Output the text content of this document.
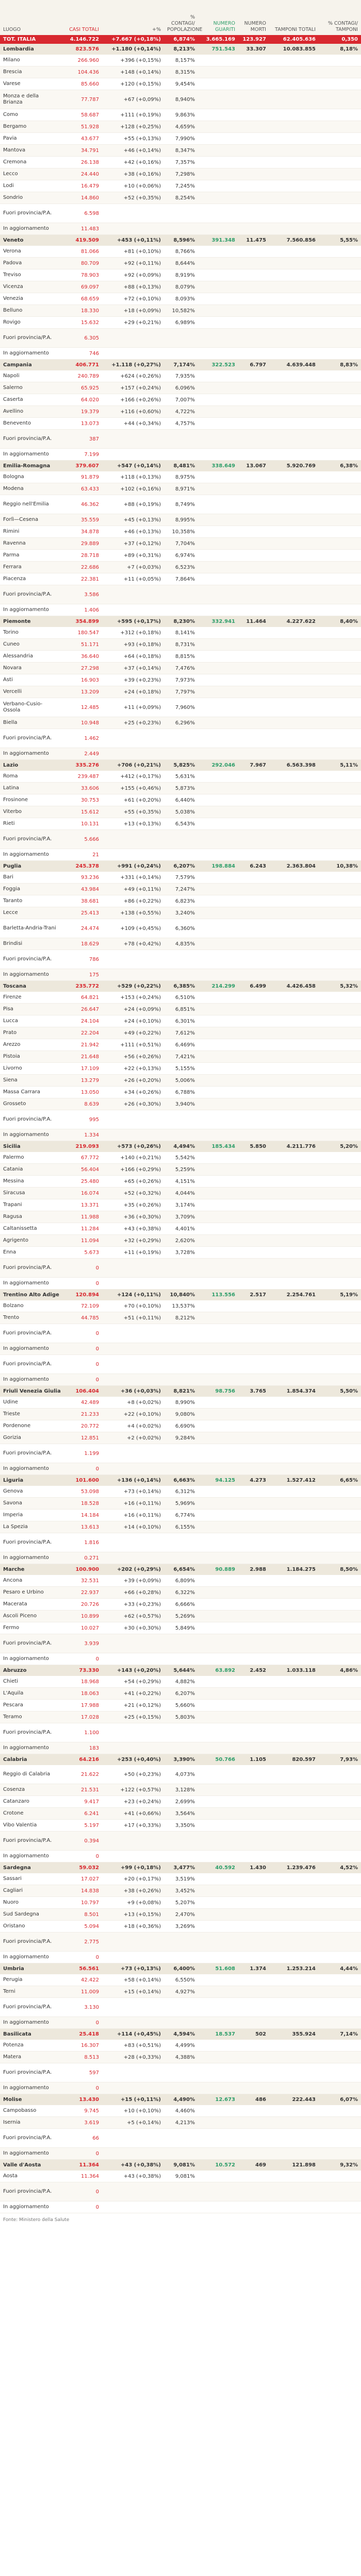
LUOGO	CASI TOTALI	+%	% CONTAGI/ POPOLAZIONE	NUMERO GUARITI	NUMERO MORTI	TAMPONI TOTALI	% CONTAGI/ TAMPONI
TOT. ITALIA	4.146.722	+7.667 (+0,18%)	6,874%	3.665.169	123.927	62.405.636	0,350
Lombardia	823.576	+1.180 (+0,14%)	8,213%	751.543	33.307	10.083.855	8,18%
Milano	266.960	+396 (+0,15%)	8,157%				
Brescia	104.436	+148 (+0,14%)	8,315%				
Varese	85.660	+120 (+0,15%)	9,454%				
Monza e della Brianza	77.787	+67 (+0,09%)	8,940%				
Como	58.687	+111 (+0,19%)	9,863%				
Bergamo	51.928	+128 (+0,25%)	4,659%				
Pavia	43.677	+55 (+0,13%)	7,990%				
Mantova	34.791	+46 (+0,14%)	8,347%				
Cremona	26.138	+42 (+0,16%)	7,357%				
Lecco	24.440	+38 (+0,16%)	7,298%				
Lodi	16.479	+10 (+0,06%)	7,245%				
Sondrio	14.860	+52 (+0,35%)	8,254%				
Fuori provincia/P.A.	6.598						
In aggiornamento	11.483						
Veneto	419.509	+453 (+0,11%)	8,596%	391.348	11.475	7.560.856	5,55%
Verona	81.066	+81 (+0,10%)	8,766%				
Padova	80.709	+92 (+0,11%)	8,644%				
Treviso	78.903	+92 (+0,09%)	8,919%				
Vicenza	69.097	+88 (+0,13%)	8,079%				
Venezia	68.659	+72 (+0,10%)	8,093%				
Belluno	18.330	+18 (+0,09%)	10,582%				
Rovigo	15.632	+29 (+0,21%)	6,989%				
Fuori provincia/P.A.	6.305						
In aggiornamento	746						
Campania	406.771	+1.118 (+0,27%)	7,174%	322.523	6.797	4.639.448	8,83%
Napoli	240.789	+624 (+0,26%)	7,935%				
Salerno	65.925	+157 (+0,24%)	6,096%				
Caserta	64.020	+166 (+0,26%)	7,007%				
Avellino	19.379	+116 (+0,60%)	4,722%				
Benevento	13.073	+44 (+0,34%)	4,757%				
Fuori provincia/P.A.	387						
In aggiornamento	7.199						
Emilia-Romagna	379.607	+547 (+0,14%)	8,481%	338.649	13.067	5.920.769	6,38%
Bologna	91.879	+118 (+0,13%)	8,975%				
Modena	63.433	+102 (+0,16%)	8,971%				
Reggio nell'Emilia	46.362	+88 (+0,19%)	8,749%				
Forlì—Cesena	35.559	+45 (+0,13%)	8,995%				
Rimini	34.878	+46 (+0,13%)	10,358%				
Ravenna	29.889	+37 (+0,12%)	7,704%				
Parma	28.718	+89 (+0,31%)	6,974%				
Ferrara	22.686	+7 (+0,03%)	6,523%				
Piacenza	22.381	+11 (+0,05%)	7,864%				
Fuori provincia/P.A.	3.586						
In aggiornamento	1.406						
Piemonte	354.899	+595 (+0,17%)	8,230%	332.941	11.464	4.227.622	8,40%
Torino	180.547	+312 (+0,18%)	8,141%				
Cuneo	51.171	+93 (+0,18%)	8,731%				
Alessandria	36.640	+64 (+0,18%)	8,815%				
Novara	27.298	+37 (+0,14%)	7,476%				
Asti	16.903	+39 (+0,23%)	7,973%				
Vercelli	13.209	+24 (+0,18%)	7,797%				
Verbano-Cusio-Ossola	12.485	+11 (+0,09%)	7,960%				
Biella	10.948	+25 (+0,23%)	6,296%				
Fuori provincia/P.A.	1.462						
In aggiornamento	2.449						
Lazio	335.276	+706 (+0,21%)	5,825%	292.046	7.967	6.563.398	5,11%
Roma	239.487	+412 (+0,17%)	5,631%				
Latina	33.606	+155 (+0,46%)	5,873%				
Frosinone	30.753	+61 (+0,20%)	6,440%				
Viterbo	15.612	+55 (+0,35%)	5,038%				
Rieti	10.131	+13 (+0,13%)	6,543%				
Fuori provincia/P.A.	5.666						
In aggiornamento	21						
Puglia	245.378	+991 (+0,24%)	6,207%	198.884	6.243	2.363.804	10,38%
Bari	93.236	+331 (+0,14%)	7,579%				
Foggia	43.984	+49 (+0,11%)	7,247%				
Taranto	38.681	+86 (+0,22%)	6,823%				
Lecce	25.413	+138 (+0,55%)	3,240%				
Barletta-Andria-Trani	24.474	+109 (+0,45%)	6,360%				
Brindisi	18.629	+78 (+0,42%)	4,835%				
Fuori provincia/P.A.	786						
In aggiornamento	175						
Toscana	235.772	+529 (+0,22%)	6,385%	214.299	6.499	4.426.458	5,32%
Firenze	64.821	+153 (+0,24%)	6,510%				
Pisa	26.647	+24 (+0,09%)	6,851%				
Lucca	24.104	+24 (+0,10%)	6,301%				
Prato	22.204	+49 (+0,22%)	7,612%				
Arezzo	21.942	+111 (+0,51%)	6,469%				
Pistoia	21.648	+56 (+0,26%)	7,421%				
Livorno	17.109	+22 (+0,13%)	5,155%				
Siena	13.279	+26 (+0,20%)	5,006%				
Massa Carrara	13.050	+34 (+0,26%)	6,788%				
Grosseto	8.639	+26 (+0,30%)	3,940%				
Fuori provincia/P.A.	995						
In aggiornamento	1.334						
Sicilia	219.093	+573 (+0,26%)	4,494%	185.434	5.850	4.211.776	5,20%
Palermo	67.772	+140 (+0,21%)	5,542%				
Catania	56.404	+166 (+0,29%)	5,259%				
Messina	25.480	+65 (+0,26%)	4,151%				
Siracusa	16.074	+52 (+0,32%)	4,044%				
Trapani	13.371	+35 (+0,26%)	3,174%				
Ragusa	11.988	+36 (+0,30%)	3,709%				
Caltanissetta	11.284	+43 (+0,38%)	4,401%				
Agrigento	11.094	+32 (+0,29%)	2,620%				
Enna	5.673	+11 (+0,19%)	3,728%				
Fuori provincia/P.A.	0						
In aggiornamento	0						
Trentino Alto Adige	120.894	+124 (+0,11%)	10,840%	113.556	2.517	2.254.761	5,19%
Bolzano	72.109	+70 (+0,10%)	13,537%				
Trento	44.785	+51 (+0,11%)	8,212%				
Fuori provincia/P.A.	0						
In aggiornamento	0						
Fuori provincia/P.A.	0						
In aggiornamento	0						
Friuli Venezia Giulia	106.404	+36 (+0,03%)	8,821%	98.756	3.765	1.854.374	5,50%
Udine	42.489	+8 (+0,02%)	8,990%				
Trieste	21.233	+22 (+0,10%)	9,080%				
Pordenone	20.772	+4 (+0,02%)	6,690%				
Gorizia	12.851	+2 (+0,02%)	9,284%				
Fuori provincia/P.A.	1.199						
In aggiornamento	0						
Liguria	101.600	+136 (+0,14%)	6,663%	94.125	4.273	1.527.412	6,65%
Genova	53.098	+73 (+0,14%)	6,312%				
Savona	18.528	+16 (+0,11%)	5,969%				
Imperia	14.184	+16 (+0,11%)	6,774%				
La Spezia	13.613	+14 (+0,10%)	6,155%				
Fuori provincia/P.A.	1.816						
In aggiornamento	0.271						
Marche	100.900	+202 (+0,29%)	6,654%	90.889	2.988	1.184.275	8,50%
Ancona	32.531	+39 (+0,09%)	6,809%				
Pesaro e Urbino	22.937	+66 (+0,28%)	6,322%				
Macerata	20.726	+33 (+0,23%)	6,666%				
Ascoli Piceno	10.899	+62 (+0,57%)	5,269%				
Fermo	10.027	+30 (+0,30%)	5,849%				
Fuori provincia/P.A.	3.939						
In aggiornamento	0						
Abruzzo	73.330	+143 (+0,20%)	5,644%	63.892	2.452	1.033.118	4,86%
Chieti	18.968	+54 (+0,29%)	4,882%				
L'Aquila	18.063	+41 (+0,22%)	6,207%				
Pescara	17.988	+21 (+0,12%)	5,660%				
Teramo	17.028	+25 (+0,15%)	5,803%				
Fuori provincia/P.A.	1.100						
In aggiornamento	183						
Calabria	64.216	+253 (+0,40%)	3,390%	50.766	1.105	820.597	7,93%
Reggio di Calabria	21.622	+50 (+0,23%)	4,073%				
Cosenza	21.531	+122 (+0,57%)	3,128%				
Catanzaro	9.417	+23 (+0,24%)	2,699%				
Crotone	6.241	+41 (+0,66%)	3,564%				
Vibo Valentia	5.197	+17 (+0,33%)	3,350%				
Fuori provincia/P.A.	0.394						
In aggiornamento	0						
Sardegna	59.032	+99 (+0,18%)	3,477%	40.592	1.430	1.239.476	4,52%
Sassari	17.027	+20 (+0,17%)	3,519%				
Cagliari	14.838	+38 (+0,26%)	3,452%				
Nuoro	10.797	+9 (+0,08%)	5,207%				
Sud Sardegna	8.501	+13 (+0,15%)	2,470%				
Oristano	5.094	+18 (+0,36%)	3,269%				
Fuori provincia/P.A.	2.775						
In aggiornamento	0						
Umbria	56.561	+73 (+0,13%)	6,400%	51.608	1.374	1.253.214	4,44%
Perugia	42.422	+58 (+0,14%)	6,550%				
Terni	11.009	+15 (+0,14%)	4,927%				
Fuori provincia/P.A.	3.130						
In aggiornamento	0						
Basilicata	25.418	+114 (+0,45%)	4,594%	18.537	502	355.924	7,14%
Potenza	16.307	+83 (+0,51%)	4,499%				
Matera	8.513	+28 (+0,33%)	4,388%				
Fuori provincia/P.A.	597						
In aggiornamento	0						
Molise	13.430	+15 (+0,11%)	4,490%	12.673	486	222.443	6,07%
Campobasso	9.745	+10 (+0,10%)	4,460%				
Isernia	3.619	+5 (+0,14%)	4,213%				
Fuori provincia/P.A.	66						
In aggiornamento	0						
Valle d'Aosta	11.364	+43 (+0,38%)	9,081%	10.572	469	121.898	9,32%
Aosta	11.364	+43 (+0,38%)	9,081%				
Fuori provincia/P.A.	0						
In aggiornamento	0						
Fonte: Ministero della Salute
